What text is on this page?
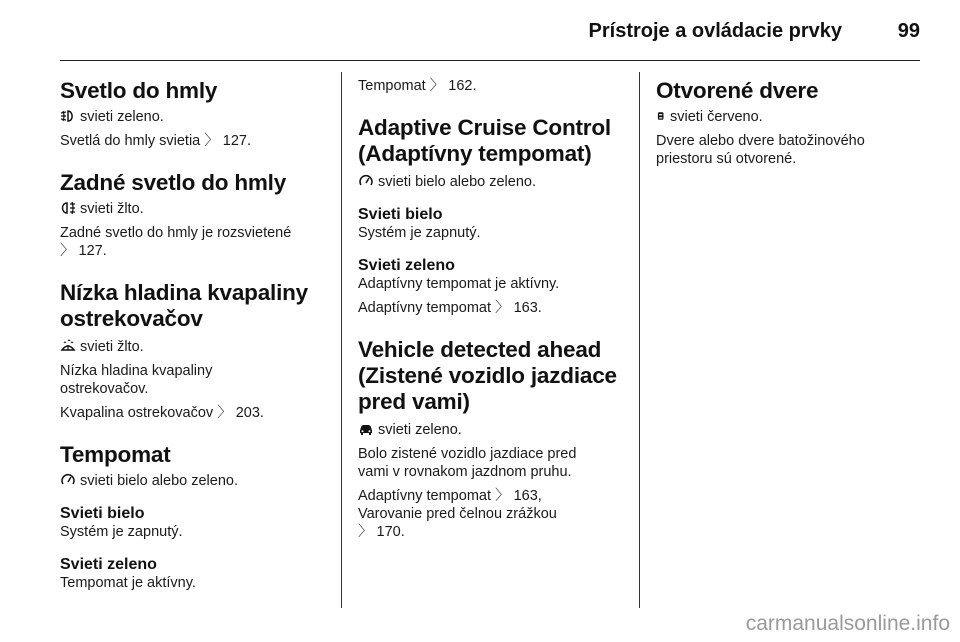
Prístroje a ovládacie prvky	99
Svetlo do hmly

svieti zeleno.

Svetlá do hmly svietia 〉 127.

Zadné svetlo do hmly

svieti žlto.

Zadné svetlo do hmly je rozsvietené
〉 127.

Nízka hladina kvapaliny
ostrekovačov

svieti žlto.

Nízka hladina kvapaliny
ostrekovačov.

Kvapalina ostrekovačov 〉 203.

Tempomat

svieti bielo alebo zeleno.

Svieti bielo

Systém je zapnutý.

Svieti zeleno

Tempomat je aktívny.

Tempomat 〉 162.

Adaptive Cruise Control
(Adaptívny tempomat)

svieti bielo alebo zeleno.

Svieti bielo

Systém je zapnutý.

Svieti zeleno

Adaptívny tempomat je aktívny.

Adaptívny tempomat 〉 163.

Vehicle detected ahead
(Zistené vozidlo jazdiace
pred vami)

svieti zeleno.

Bolo zistené vozidlo jazdiace pred
vami v rovnakom jazdnom pruhu.

Adaptívny tempomat 〉 163,
Varovanie pred čelnou zrážkou
〉 170.

Otvorené dvere

svieti červeno.

Dvere alebo dvere batožinového
priestoru sú otvorené.

carmanualsonline.info
